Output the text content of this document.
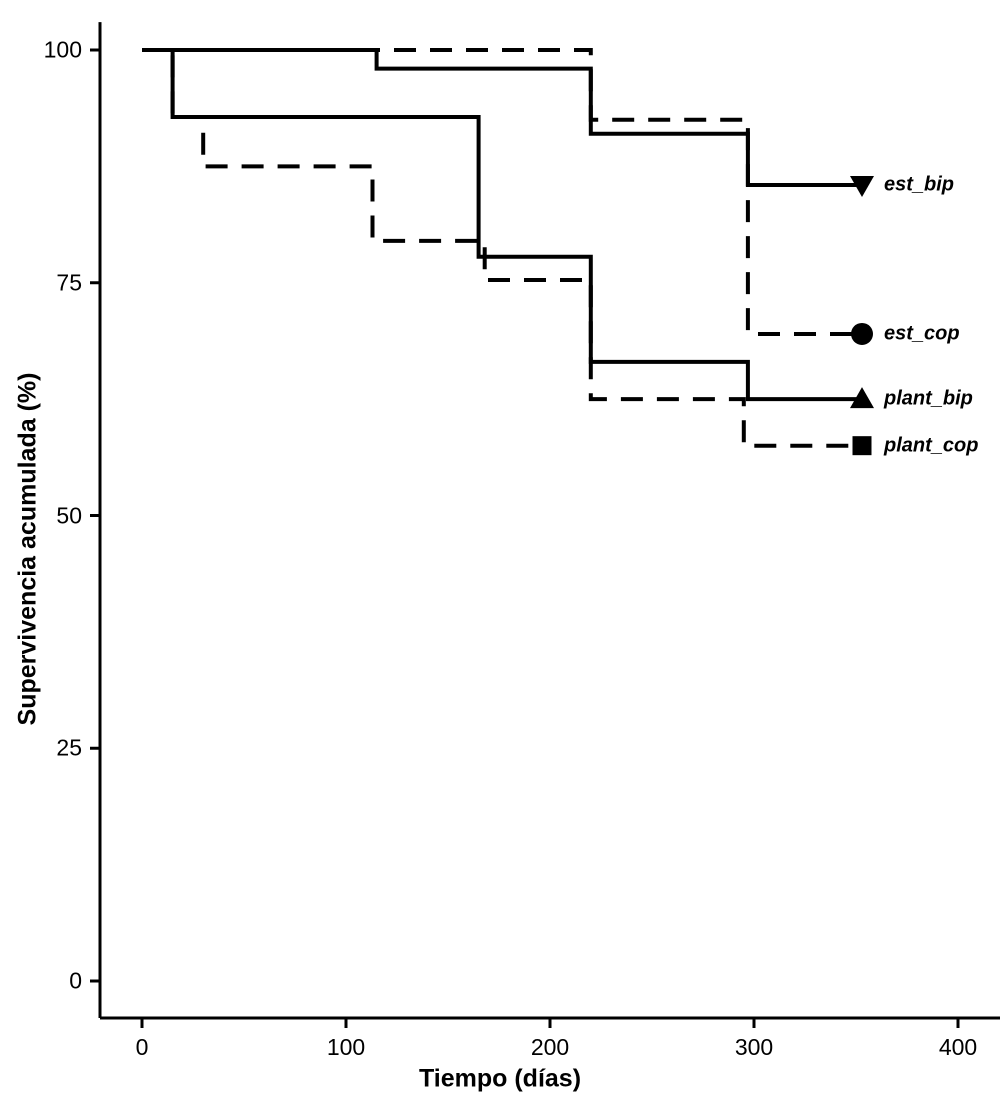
Supervivencia acumulada (%)
Tiempo (días)
0
25
50
75
100
0	100	200	300	400
est_bip
est_cop
plant_bip
plant_cop
